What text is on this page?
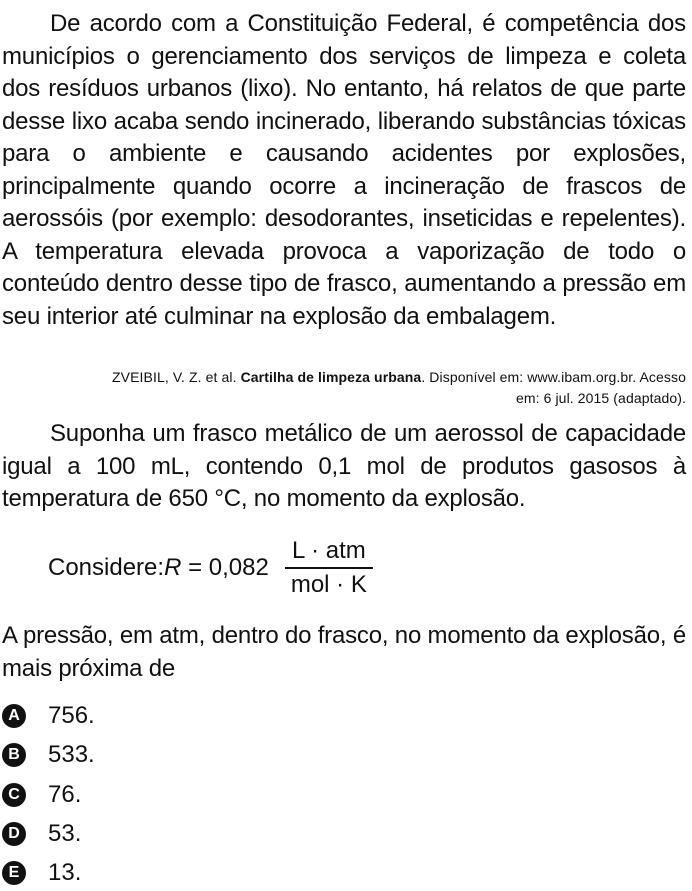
De acordo com a Constituição Federal, é competência dos municípios o gerenciamento dos serviços de limpeza e coleta dos resíduos urbanos (lixo). No entanto, há relatos de que parte desse lixo acaba sendo incinerado, liberando substâncias tóxicas para o ambiente e causando acidentes por explosões, principalmente quando ocorre a incineração de frascos de aerossóis (por exemplo: desodorantes, inseticidas e repelentes). A temperatura elevada provoca a vaporização de todo o conteúdo dentro desse tipo de frasco, aumentando a pressão em seu interior até culminar na explosão da embalagem.

ZVEIBIL, V. Z. et al. Cartilha de limpeza urbana. Disponível em: www.ibam.org.br. Acesso em: 6 jul. 2015 (adaptado).

Suponha um frasco metálico de um aerossol de capacidade igual a 100 mL, contendo 0,1 mol de produtos gasosos à temperatura de 650 °C, no momento da explosão.

Considere: $R = 0,082 \frac{\text{L · atm}}{\text{mol · K}}$

A pressão, em atm, dentro do frasco, no momento da explosão, é mais próxima de

A 756.
B 533.
C 76.
D 53.
E 13.
